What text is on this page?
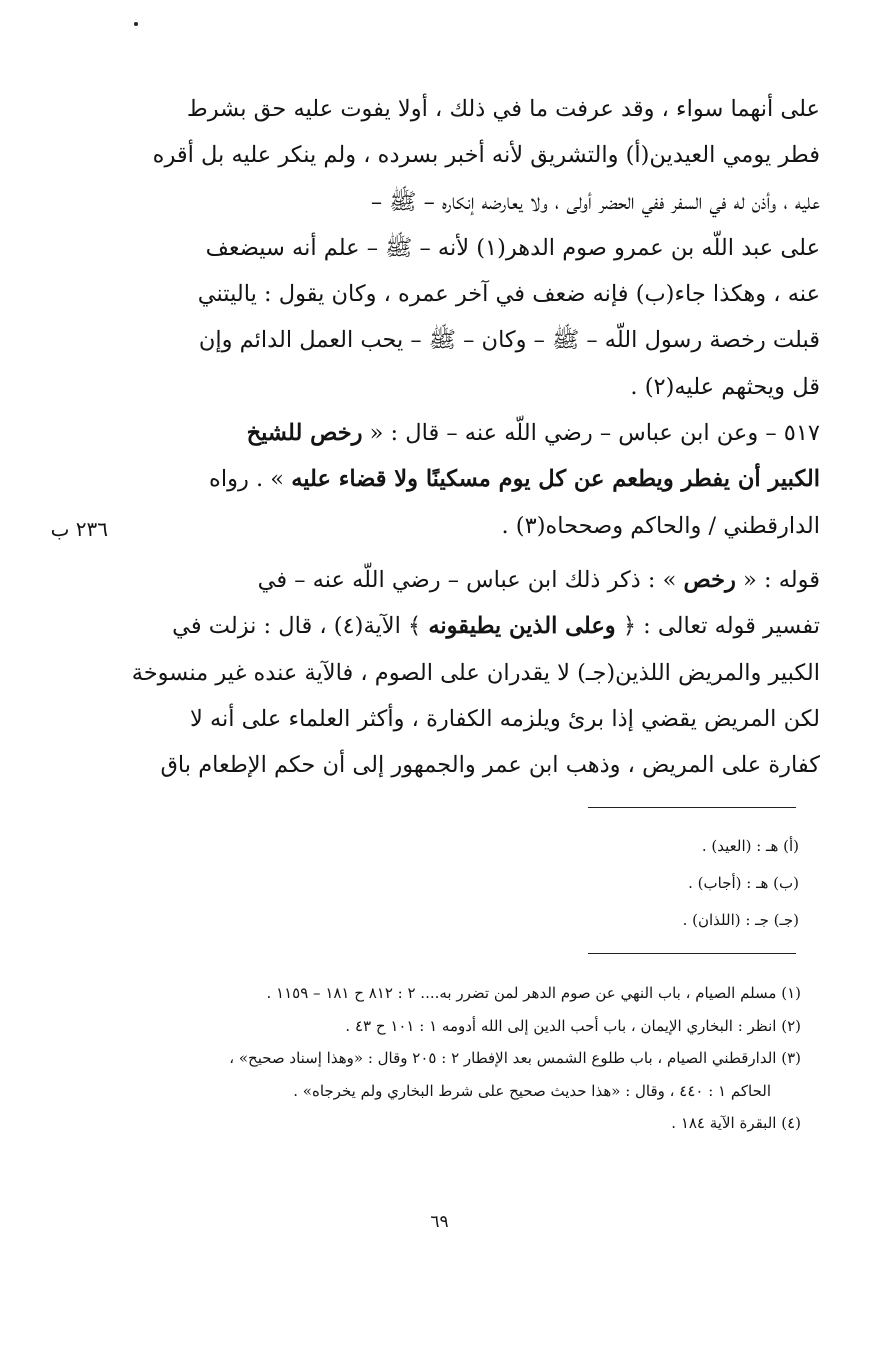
على أنهما سواء ، وقد عرفت ما في ذلك ، أولا يفوت عليه حق بشرط
فطر يومي العيدين(أ) والتشريق لأنه أخبر بسرده ، ولم ينكر عليه بل أقره
عليه ، وأذن له في السفر ففي الحضر أولى ، ولا يعارضه إنكاره – ﷺ –
على عبد اللّه بن عمرو صوم الدهر(١) لأنه – ﷺ – علم أنه سيضعف
عنه ، وهكذا جاء(ب) فإنه ضعف في آخر عمره ، وكان يقول : ياليتني
قبلت رخصة رسول اللّه – ﷺ – وكان – ﷺ – يحب العمل الدائم وإن
قل ويحثهم عليه(٢) .
٥١٧ – وعن ابن عباس – رضي اللّه عنه – قال : « رخص للشيخ
الكبير أن يفطر ويطعم عن كل يوم مسكينًا ولا قضاء عليه » . رواه
الدارقطني / والحاكم وصححاه(٣) .
٢٣٦ ب
قوله : « رخص » : ذكر ذلك ابن عباس – رضي اللّه عنه – في
تفسير قوله تعالى : ﴿ وعلى الذين يطيقونه ﴾ الآية(٤) ، قال : نزلت في
الكبير والمريض اللذين(جـ) لا يقدران على الصوم ، فالآية عنده غير منسوخة
لكن المريض يقضي إذا برئ ويلزمه الكفارة ، وأكثر العلماء على أنه لا
كفارة على المريض ، وذهب ابن عمر والجمهور إلى أن حكم الإطعام باق
(أ) هـ : (العيد) .
(ب) هـ : (أجاب) .
(جـ) جـ : (اللذان) .
(١) مسلم الصيام ، باب النهي عن صوم الدهر لمن تضرر به.... ٢ : ٨١٢ ح ١٨١ – ١١٥٩ .
(٢) انظر : البخاري الإيمان ، باب أحب الدين إلى الله أدومه ١ : ١٠١ ح ٤٣ .
(٣) الدارقطني الصيام ، باب طلوع الشمس بعد الإفطار ٢ : ٢٠٥ وقال : «وهذا إسناد صحيح» ،
الحاكم ١ : ٤٤٠ ، وقال : «هذا حديث صحيح على شرط البخاري ولم يخرجاه» .
(٤) البقرة الآية ١٨٤ .
٦٩
